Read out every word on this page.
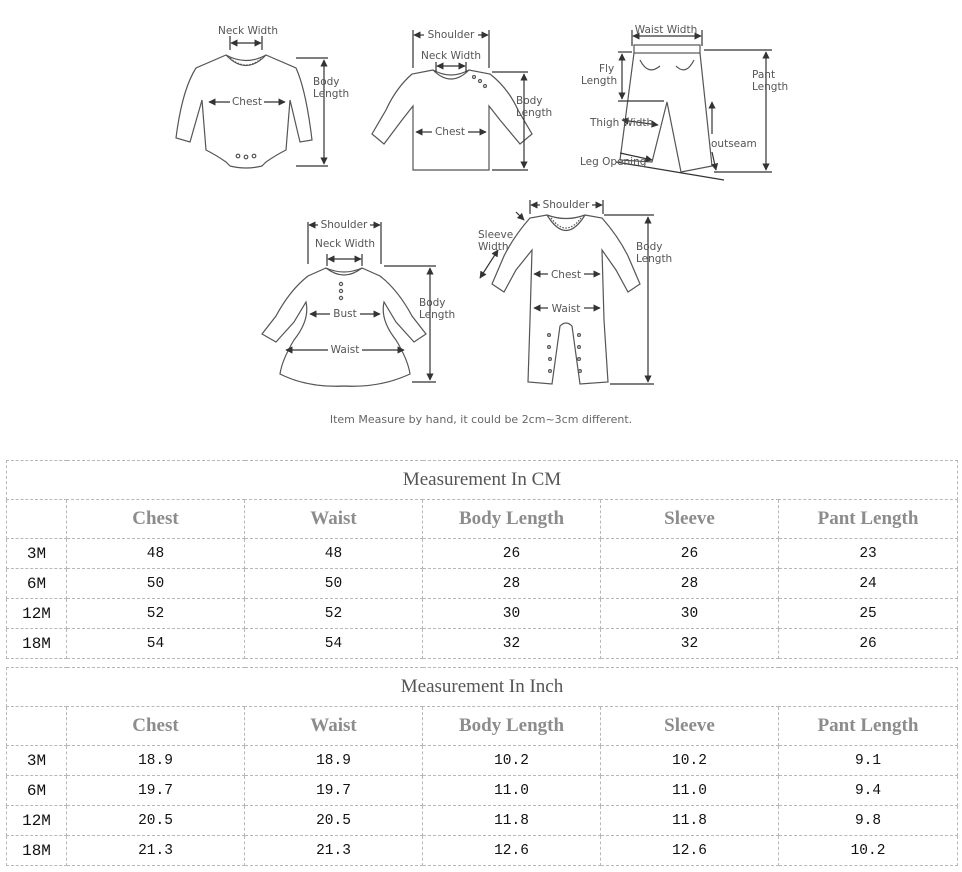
Neck Width
Chest
Body
Length
Shoulder
Neck Width
Chest
Body
Length
Waist Width
Fly
Length	Pant
Length
Thigh Width
outseam
Leg Opening
Shoulder
Neck Width
Bust
Waist
Body
Length
Shoulder
Sleeve
Width
Chest
Waist
Body
Length
Item Measure by hand, it could be 2cm~3cm different.
Measurement In CM					
	Chest	Waist	Body Length	Sleeve	Pant Length
3M	48	48	26	26	23
6M	50	50	28	28	24
12M	52	52	30	30	25
18M	54	54	32	32	26
Measurement In Inch					
	Chest	Waist	Body Length	Sleeve	Pant Length
3M	18.9	18.9	10.2	10.2	9.1
6M	19.7	19.7	11.0	11.0	9.4
12M	20.5	20.5	11.8	11.8	9.8
18M	21.3	21.3	12.6	12.6	10.2
